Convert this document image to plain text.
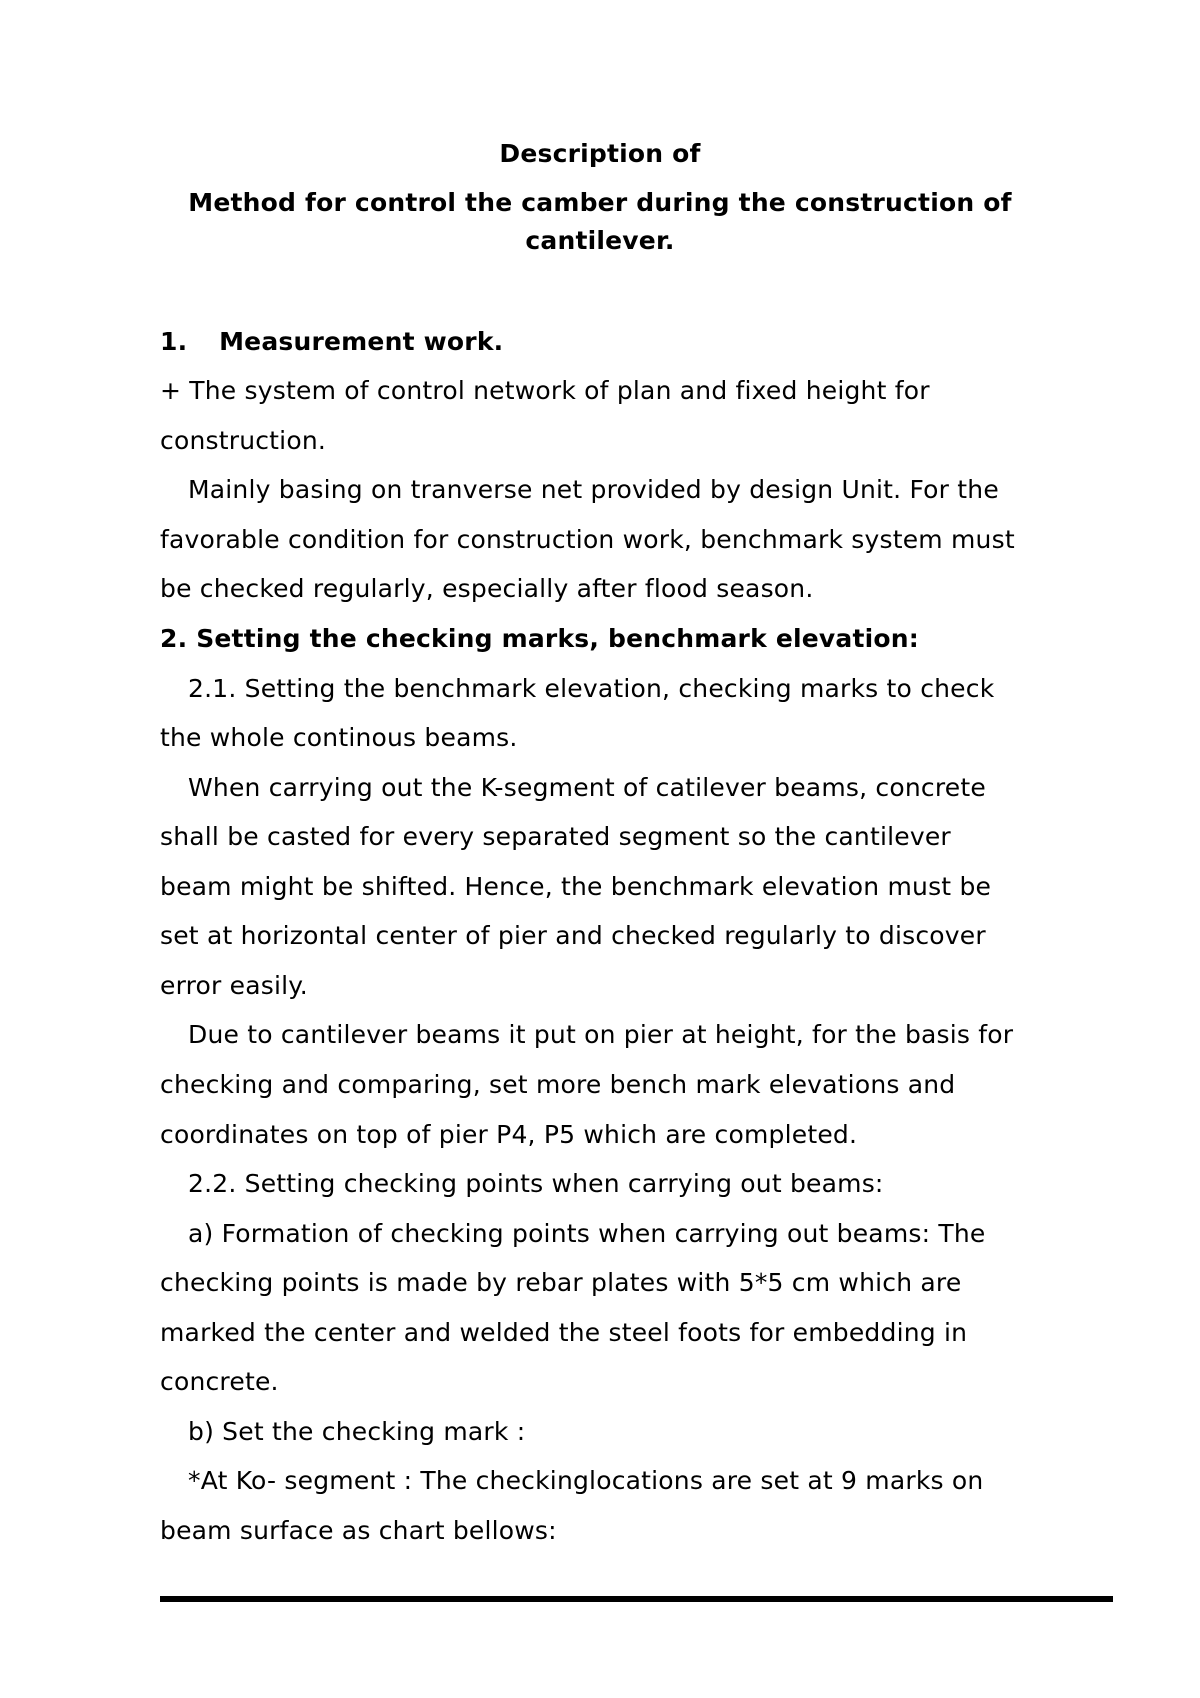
Description of
Method for control the camber during the construction of
cantilever.
1. Measurement work.
+ The system of control network of plan and fixed height for
construction.
Mainly basing on tranverse net provided by design Unit. For the
favorable condition for construction work, benchmark system must
be checked regularly, especially after flood season.
2. Setting the checking marks, benchmark elevation:
2.1. Setting the benchmark elevation, checking marks to check
the whole continous beams.
When carrying out the K-segment of catilever beams, concrete
shall be casted for every separated segment so the cantilever
beam might be shifted. Hence, the benchmark elevation must be
set at horizontal center of pier and checked regularly to discover
error easily.
Due to cantilever beams it put on pier at height, for the basis for
checking and comparing, set more bench mark elevations and
coordinates on top of pier P4, P5 which are completed.
2.2. Setting checking points when carrying out beams:
a) Formation of checking points when carrying out beams: The
checking points is made by rebar plates with 5*5 cm which are
marked the center and welded the steel foots for embedding in
concrete.
b) Set the checking mark :
*At Ko- segment : The checkinglocations are set at 9 marks on
beam surface as chart bellows:
